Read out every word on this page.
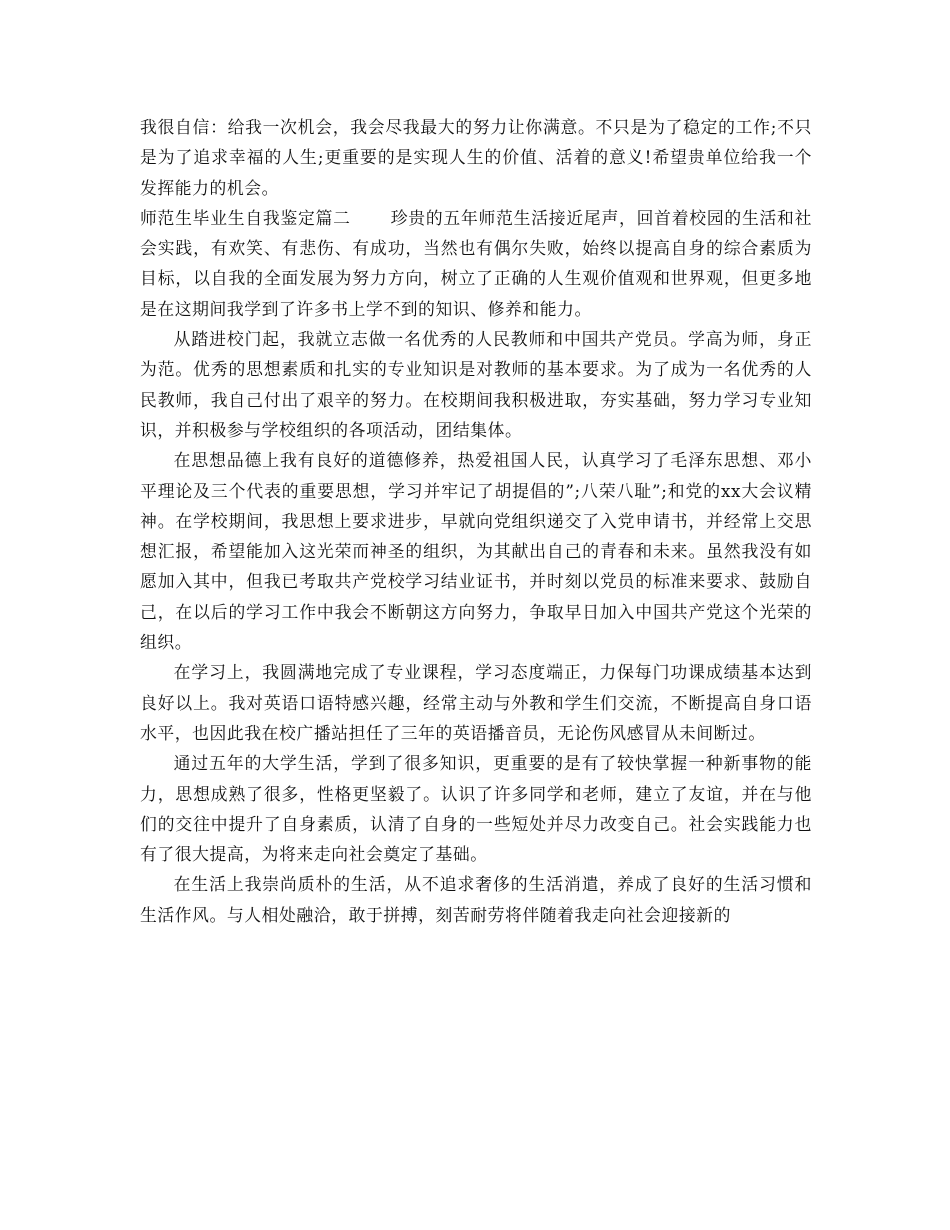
我很自信：给我一次机会，我会尽我最大的努力让你满意。不只是为了稳定的工作;不只是为了追求幸福的人生;更重要的是实现人生的价值、活着的意义!希望贵单位给我一个发挥能力的机会。

师范生毕业生自我鉴定篇二 珍贵的五年师范生活接近尾声，回首着校园的生活和社会实践，有欢笑、有悲伤、有成功，当然也有偶尔失败，始终以提高自身的综合素质为目标，以自我的全面发展为努力方向，树立了正确的人生观价值观和世界观，但更多地是在这期间我学到了许多书上学不到的知识、修养和能力。

从踏进校门起，我就立志做一名优秀的人民教师和中国共产党员。学高为师，身正为范。优秀的思想素质和扎实的专业知识是对教师的基本要求。为了成为一名优秀的人民教师，我自己付出了艰辛的努力。在校期间我积极进取，夯实基础，努力学习专业知识，并积极参与学校组织的各项活动，团结集体。

在思想品德上我有良好的道德修养，热爱祖国人民，认真学习了毛泽东思想、邓小平理论及三个代表的重要思想，学习并牢记了胡提倡的”;八荣八耻”;和党的xx大会议精神。在学校期间，我思想上要求进步，早就向党组织递交了入党申请书，并经常上交思想汇报，希望能加入这光荣而神圣的组织，为其献出自己的青春和未来。虽然我没有如愿加入其中，但我已考取共产党校学习结业证书，并时刻以党员的标准来要求、鼓励自己，在以后的学习工作中我会不断朝这方向努力，争取早日加入中国共产党这个光荣的组织。

在学习上，我圆满地完成了专业课程，学习态度端正，力保每门功课成绩基本达到良好以上。我对英语口语特感兴趣，经常主动与外教和学生们交流，不断提高自身口语水平，也因此我在校广播站担任了三年的英语播音员，无论伤风感冒从未间断过。

通过五年的大学生活，学到了很多知识，更重要的是有了较快掌握一种新事物的能力，思想成熟了很多，性格更坚毅了。认识了许多同学和老师，建立了友谊，并在与他们的交往中提升了自身素质，认清了自身的一些短处并尽力改变自己。社会实践能力也有了很大提高，为将来走向社会奠定了基础。

在生活上我崇尚质朴的生活，从不追求奢侈的生活消遣，养成了良好的生活习惯和生活作风。与人相处融洽，敢于拼搏，刻苦耐劳将伴随着我走向社会迎接新的
